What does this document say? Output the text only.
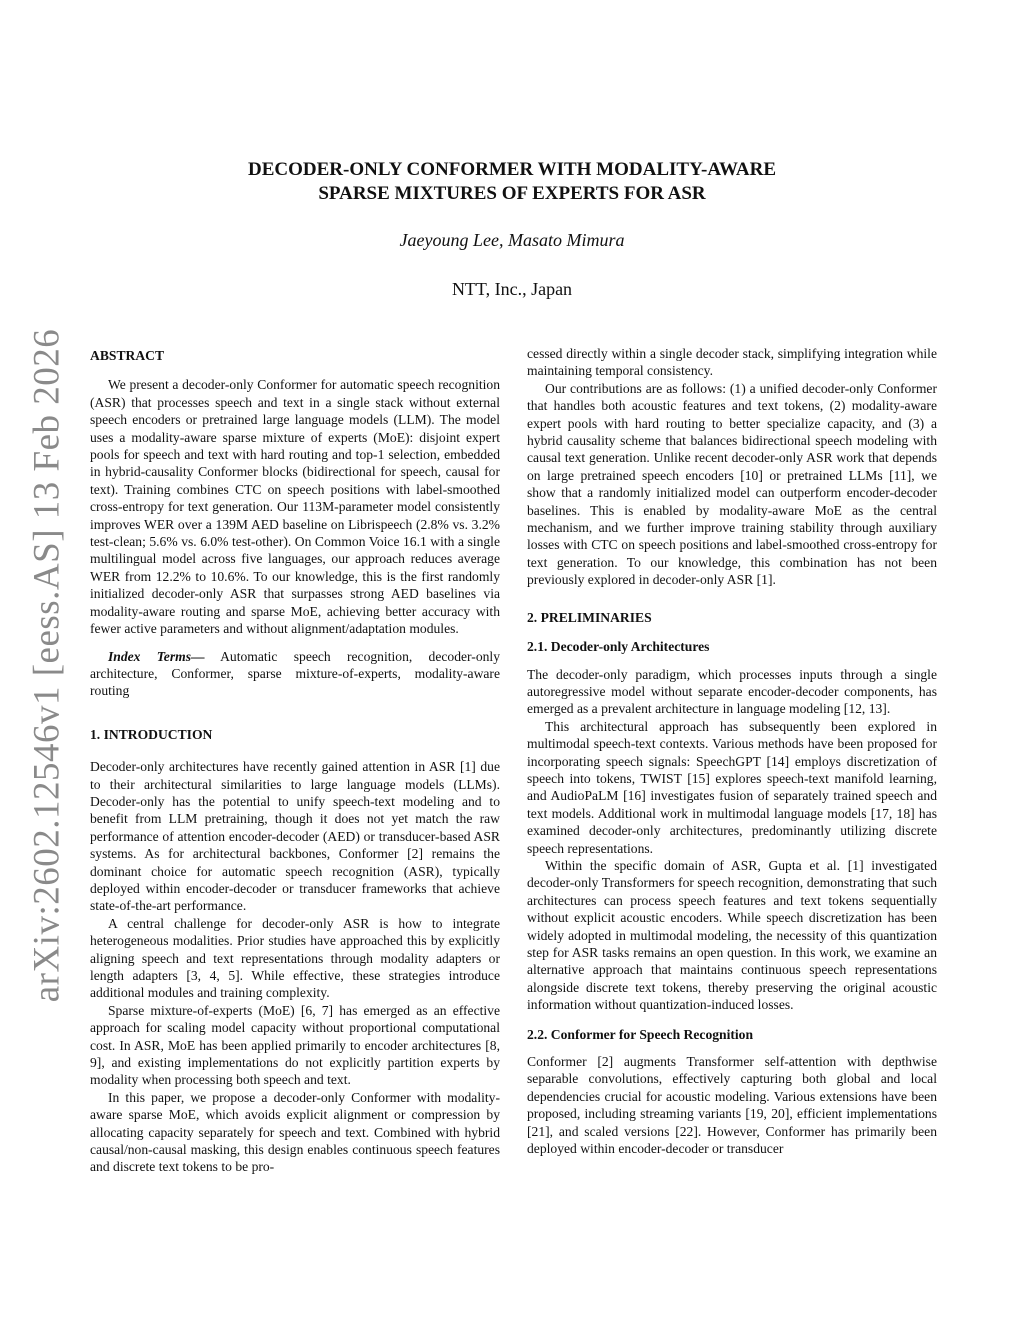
arXiv:2602.12546v1 [eess.AS] 13 Feb 2026
DECODER-ONLY CONFORMER WITH MODALITY-AWARE
SPARSE MIXTURES OF EXPERTS FOR ASR
Jaeyoung Lee, Masato Mimura
NTT, Inc., Japan

ABSTRACT

We present a decoder-only Conformer for automatic speech recognition (ASR) that processes speech and text in a single stack without external speech encoders or pretrained large language models (LLM). The model uses a modality-aware sparse mixture of experts (MoE): disjoint expert pools for speech and text with hard routing and top-1 selection, embedded in hybrid-causality Conformer blocks (bidirectional for speech, causal for text). Training combines CTC on speech positions with label-smoothed cross-entropy for text generation. Our 113M-parameter model consistently improves WER over a 139M AED baseline on Librispeech (2.8% vs. 3.2% test-clean; 5.6% vs. 6.0% test-other). On Common Voice 16.1 with a single multilingual model across five languages, our approach reduces average WER from 12.2% to 10.6%. To our knowledge, this is the first randomly initialized decoder-only ASR that surpasses strong AED baselines via modality-aware routing and sparse MoE, achieving better accuracy with fewer active parameters and without alignment/adaptation modules.

Index Terms— Automatic speech recognition, decoder-only architecture, Conformer, sparse mixture-of-experts, modality-aware routing

1. INTRODUCTION

Decoder-only architectures have recently gained attention in ASR [1] due to their architectural similarities to large language models (LLMs). Decoder-only has the potential to unify speech-text modeling and to benefit from LLM pretraining, though it does not yet match the raw performance of attention encoder-decoder (AED) or transducer-based ASR systems. As for architectural backbones, Conformer [2] remains the dominant choice for automatic speech recognition (ASR), typically deployed within encoder-decoder or transducer frameworks that achieve state-of-the-art performance.

A central challenge for decoder-only ASR is how to integrate heterogeneous modalities. Prior studies have approached this by explicitly aligning speech and text representations through modality adapters or length adapters [3, 4, 5]. While effective, these strategies introduce additional modules and training complexity.

Sparse mixture-of-experts (MoE) [6, 7] has emerged as an effective approach for scaling model capacity without proportional computational cost. In ASR, MoE has been applied primarily to encoder architectures [8, 9], and existing implementations do not explicitly partition experts by modality when processing both speech and text.

In this paper, we propose a decoder-only Conformer with modality-aware sparse MoE, which avoids explicit alignment or compression by allocating capacity separately for speech and text. Combined with hybrid causal/non-causal masking, this design enables continuous speech features and discrete text tokens to be pro-

cessed directly within a single decoder stack, simplifying integration while maintaining temporal consistency.

Our contributions are as follows: (1) a unified decoder-only Conformer that handles both acoustic features and text tokens, (2) modality-aware expert pools with hard routing to better specialize capacity, and (3) a hybrid causality scheme that balances bidirectional speech modeling with causal text generation. Unlike recent decoder-only ASR work that depends on large pretrained speech encoders [10] or pretrained LLMs [11], we show that a randomly initialized model can outperform encoder-decoder baselines. This is enabled by modality-aware MoE as the central mechanism, and we further improve training stability through auxiliary losses with CTC on speech positions and label-smoothed cross-entropy for text generation. To our knowledge, this combination has not been previously explored in decoder-only ASR [1].

2. PRELIMINARIES

2.1. Decoder-only Architectures

The decoder-only paradigm, which processes inputs through a single autoregressive model without separate encoder-decoder components, has emerged as a prevalent architecture in language modeling [12, 13].

This architectural approach has subsequently been explored in multimodal speech-text contexts. Various methods have been proposed for incorporating speech signals: SpeechGPT [14] employs discretization of speech into tokens, TWIST [15] explores speech-text manifold learning, and AudioPaLM [16] investigates fusion of separately trained speech and text models. Additional work in multimodal language models [17, 18] has examined decoder-only architectures, predominantly utilizing discrete speech representations.

Within the specific domain of ASR, Gupta et al. [1] investigated decoder-only Transformers for speech recognition, demonstrating that such architectures can process speech features and text tokens sequentially without explicit acoustic encoders. While speech discretization has been widely adopted in multimodal modeling, the necessity of this quantization step for ASR tasks remains an open question. In this work, we examine an alternative approach that maintains continuous speech representations alongside discrete text tokens, thereby preserving the original acoustic information without quantization-induced losses.

2.2. Conformer for Speech Recognition

Conformer [2] augments Transformer self-attention with depthwise separable convolutions, effectively capturing both global and local dependencies crucial for acoustic modeling. Various extensions have been proposed, including streaming variants [19, 20], efficient implementations [21], and scaled versions [22]. However, Conformer has primarily been deployed within encoder-decoder or transducer
